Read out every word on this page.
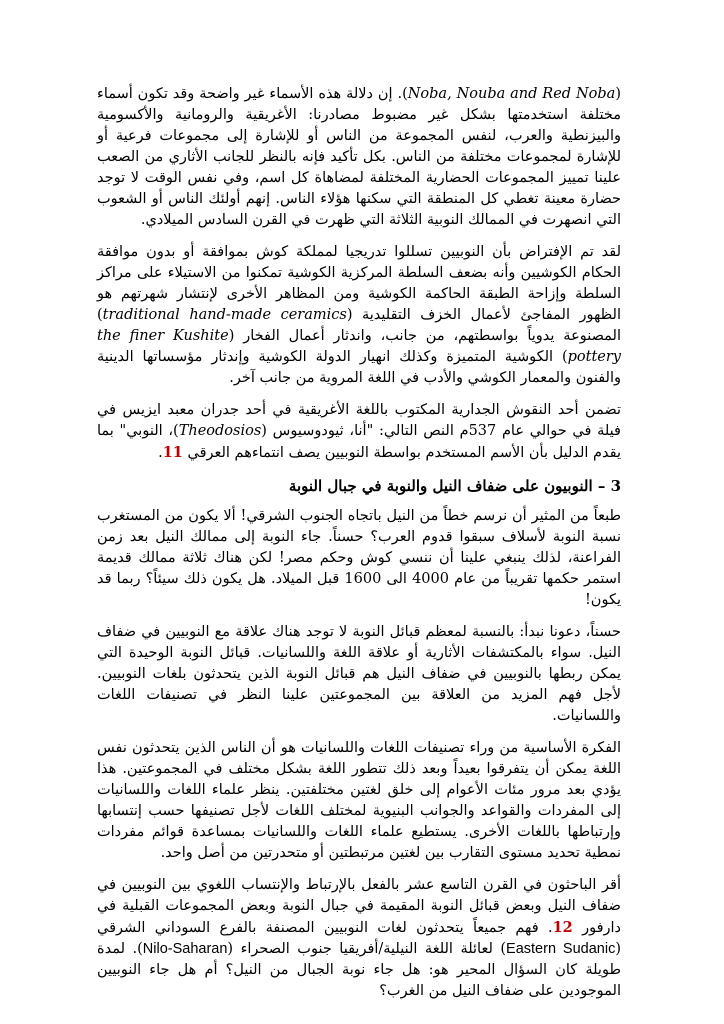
(Noba, Nouba and Red Noba). إن دلالة هذه الأسماء غير واضحة وقد تكون أسماء مختلفة استخدمتها بشكل غير مضبوط مصادرنا: الأغريقية والرومانية والأكسومية والبيزنطية والعرب، لنفس المجموعة من الناس أو للإشارة إلى مجموعات فرعية أو للإشارة لمجموعات مختلفة من الناس. بكل تأكيد فإنه بالنظر للجانب الأثاري من الصعب علينا تمييز المجموعات الحضارية المختلفة لمضاهاة كل اسم، وفي نفس الوقت لا توجد حضارة معينة تغطي كل المنطقة التي سكنها هؤلاء الناس. إنهم أولئك الناس أو الشعوب التي انصهرت في الممالك النوبية الثلاثة التي ظهرت في القرن السادس الميلادي.

لقد تم الإفتراض بأن النوبيين تسللوا تدريجيا لمملكة كوش بموافقة أو بدون موافقة الحكام الكوشيين وأنه بضعف السلطة المركزية الكوشية تمكنوا من الاستيلاء على مراكز السلطة وإزاحة الطبقة الحاكمة الكوشية ومن المظاهر الأخرى لإنتشار شهرتهم هو الظهور المفاجئ لأعمال الخزف التقليدية (traditional hand-made ceramics) المصنوعة يدوياً بواسطتهم، من جانب، واندثار أعمال الفخار (the finer Kushite pottery) الكوشية المتميزة وكذلك انهيار الدولة الكوشية وإندثار مؤسساتها الدينية والفنون والمعمار الكوشي والأدب في اللغة المروية من جانب آخر.

تضمن أحد النقوش الجدارية المكتوب باللغة الأغريقية في أحد جدران معبد ايزيس في فيلة في حوالي عام 537م النص التالي: "أنا، ثيودوسيوس (Theodosios)، النوبي" بما يقدم الدليل بأن الأسم المستخدم بواسطة النوبيين يصف انتماءهم العرقي 11.

3 – النوبيون على ضفاف النيل والنوبة في جبال النوبة

طبعاً من المثير أن نرسم خطاً من النيل باتجاه الجنوب الشرقي! ألا يكون من المستغرب نسبة النوبة لأسلاف سبقوا قدوم العرب؟ حسناً. جاء النوبة إلى ممالك النيل بعد زمن الفراعنة، لذلك ينبغي علينا أن ننسي كوش وحكم مصر! لكن هناك ثلاثة ممالك قديمة استمر حكمها تقريباً من عام 4000 الى 1600 قبل الميلاد. هل يكون ذلك سيئاً؟ ربما قد يكون!

حسناً، دعونا نبدأ: بالنسبة لمعظم قبائل النوبة لا توجد هناك علاقة مع النوبيين في ضفاف النيل. سواء بالمكتشفات الأثارية أو علاقة اللغة واللسانيات. قبائل النوبة الوحيدة التي يمكن ربطها بالنوبيين في ضفاف النيل هم قبائل النوبة الذين يتحدثون بلغات النوبيين. لأجل فهم المزيد من العلاقة بين المجموعتين علينا النظر في تصنيفات اللغات واللسانيات.

الفكرة الأساسية من وراء تصنيفات اللغات واللسانيات هو أن الناس الذين يتحدثون نفس اللغة يمكن أن يتفرقوا بعيداً وبعد ذلك تتطور اللغة بشكل مختلف في المجموعتين. هذا يؤدي بعد مرور مئات الأعوام إلى خلق لغتين مختلفتين. ينظر علماء اللغات واللسانيات إلى المفردات والقواعد والجوانب البنيوية لمختلف اللغات لأجل تصنيفها حسب إنتسابها وإرتباطها باللغات الأخرى. يستطيع علماء اللغات واللسانيات بمساعدة قوائم مفردات نمطية تحديد مستوى التقارب بين لغتين مرتبطتين أو متحدرتين من أصل واحد.

أقر الباحثون في القرن التاسع عشر بالفعل بالإرتباط والإنتساب اللغوي بين النوبيين في ضفاف النيل وبعض قبائل النوبة المقيمة في جبال النوبة وبعض المجموعات القبلية في دارفور 12. فهم جميعاً يتحدثون لغات النوبيين المصنفة بالفرع السوداني الشرقي (Eastern Sudanic) لعائلة اللغة النيلية/أفريقيا جنوب الصحراء (Nilo-Saharan). لمدة طويلة كان السؤال المحير هو: هل جاء نوبة الجبال من النيل؟ أم هل جاء النوبيين الموجودين على ضفاف النيل من الغرب؟
